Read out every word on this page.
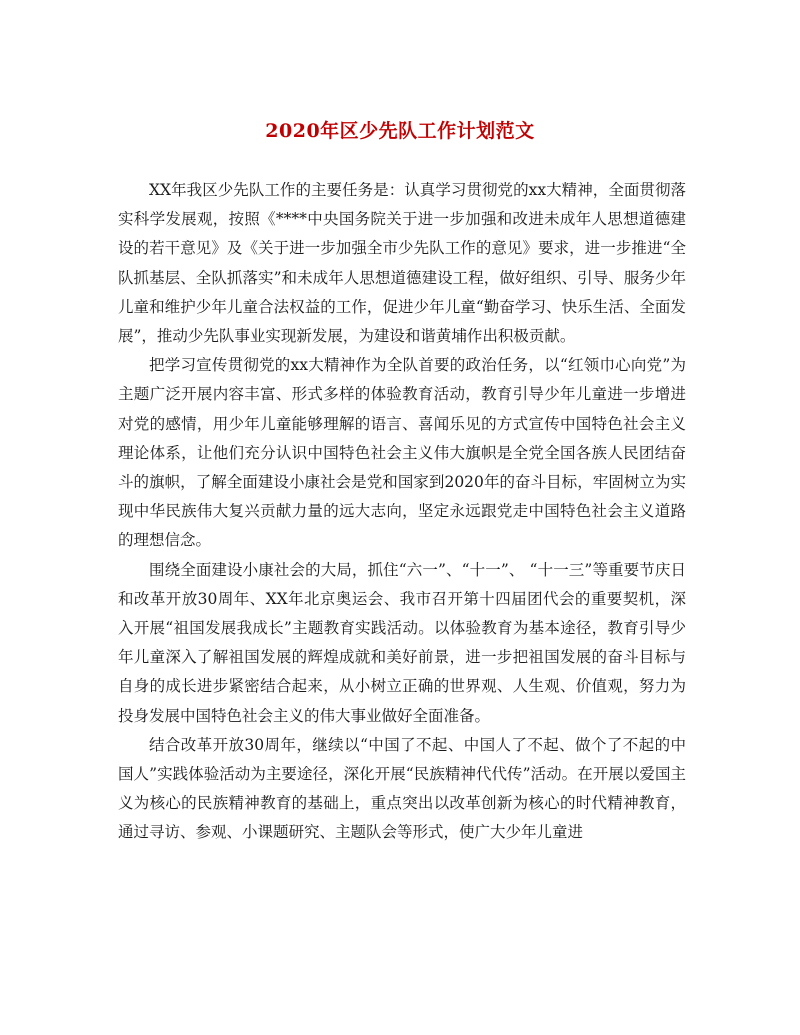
2020年区少先队工作计划范文

XX年我区少先队工作的主要任务是：认真学习贯彻党的xx大精神，全面贯彻落实科学发展观，按照《****中央国务院关于进一步加强和改进未成年人思想道德建设的若干意见》及《关于进一步加强全市少先队工作的意见》要求，进一步推进“全队抓基层、全队抓落实”和未成年人思想道德建设工程，做好组织、引导、服务少年儿童和维护少年儿童合法权益的工作，促进少年儿童“勤奋学习、快乐生活、全面发展”，推动少先队事业实现新发展，为建设和谐黄埔作出积极贡献。

把学习宣传贯彻党的xx大精神作为全队首要的政治任务，以“红领巾心向党”为主题广泛开展内容丰富、形式多样的体验教育活动，教育引导少年儿童进一步增进对党的感情，用少年儿童能够理解的语言、喜闻乐见的方式宣传中国特色社会主义理论体系，让他们充分认识中国特色社会主义伟大旗帜是全党全国各族人民团结奋斗的旗帜，了解全面建设小康社会是党和国家到2020年的奋斗目标，牢固树立为实现中华民族伟大复兴贡献力量的远大志向，坚定永远跟党走中国特色社会主义道路的理想信念。

围绕全面建设小康社会的大局，抓住“六一”、“十一”、 “十一三”等重要节庆日和改革开放30周年、XX年北京奥运会、我市召开第十四届团代会的重要契机，深入开展“祖国发展我成长”主题教育实践活动。以体验教育为基本途径，教育引导少年儿童深入了解祖国发展的辉煌成就和美好前景，进一步把祖国发展的奋斗目标与自身的成长进步紧密结合起来，从小树立正确的世界观、人生观、价值观，努力为投身发展中国特色社会主义的伟大事业做好全面准备。

结合改革开放30周年，继续以“中国了不起、中国人了不起、做个了不起的中国人”实践体验活动为主要途径，深化开展“民族精神代代传”活动。在开展以爱国主义为核心的民族精神教育的基础上，重点突出以改革创新为核心的时代精神教育，通过寻访、参观、小课题研究、主题队会等形式，使广大少年儿童进
